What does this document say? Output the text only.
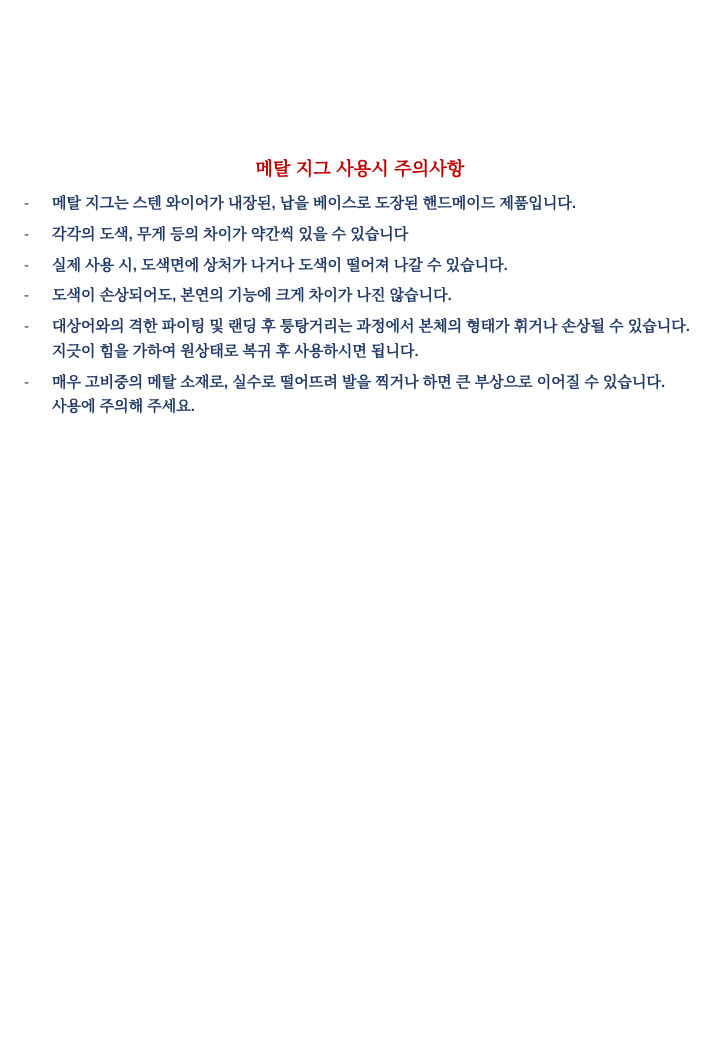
메탈 지그 사용시 주의사항
-	메탈 지그는 스텐 와이어가 내장된, 납을 베이스로 도장된 핸드메이드 제품입니다.
-	각각의 도색, 무게 등의 차이가 약간씩 있을 수 있습니다
-	실제 사용 시, 도색면에 상처가 나거나 도색이 떨어져 나갈 수 있습니다.
-	도색이 손상되어도, 본연의 기능에 크게 차이가 나진 않습니다.
-	대상어와의 격한 파이팅 및 랜딩 후 퉁탕거리는 과정에서 본체의 형태가 휘거나 손상될 수 있습니다. 지긋이 힘을 가하여 원상태로 복귀 후 사용하시면 됩니다.
-	매우 고비중의 메탈 소재로, 실수로 떨어뜨려 발을 찍거나 하면 큰 부상으로 이어질 수 있습니다. 사용에 주의해 주세요.
